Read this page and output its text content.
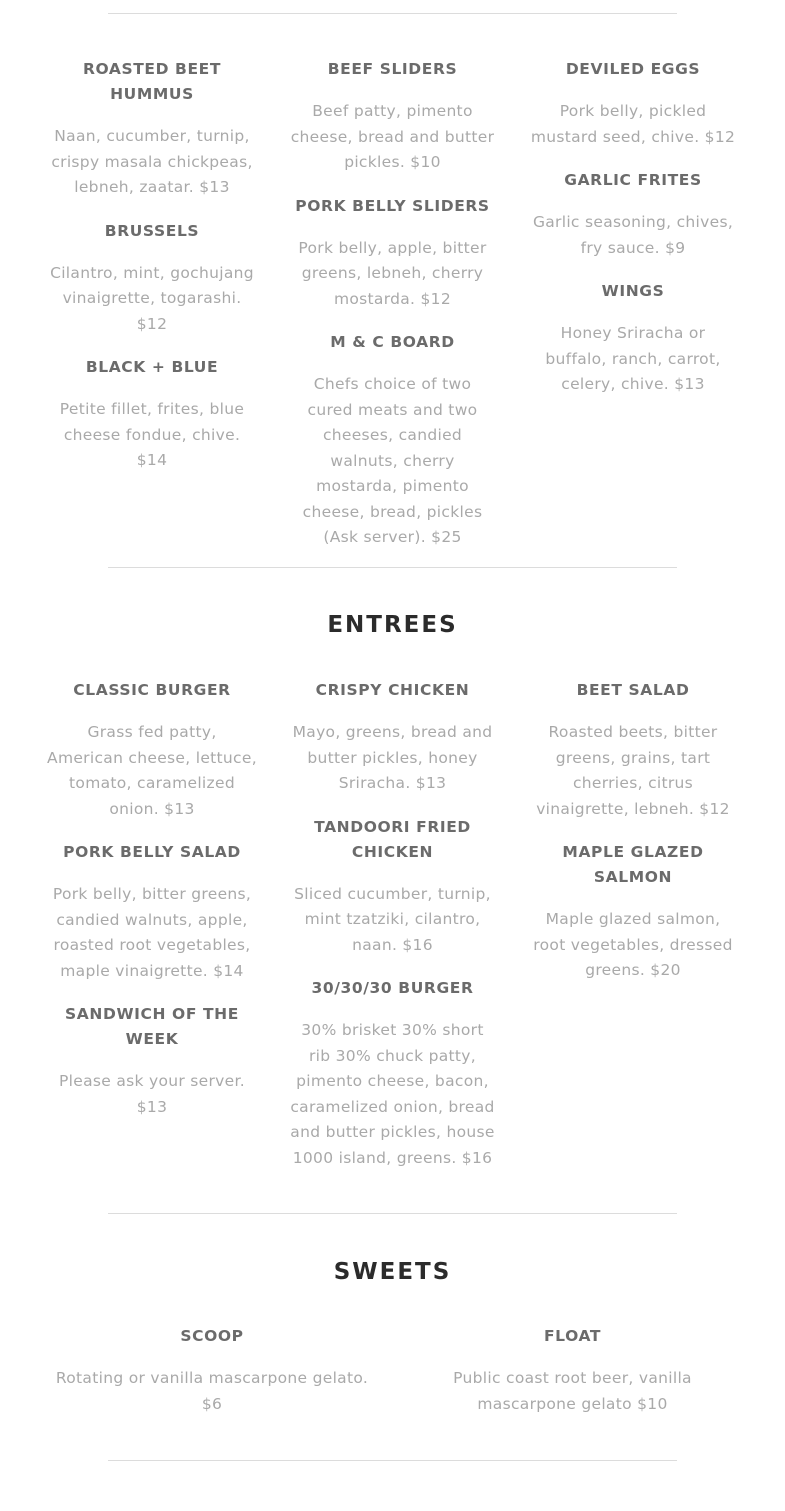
ROASTED BEET HUMMUS

Naan, cucumber, turnip, crispy masala chickpeas, lebneh, zaatar. $13

BRUSSELS

Cilantro, mint, gochujang vinaigrette, togarashi. $12

BLACK + BLUE

Petite fillet, frites, blue cheese fondue, chive. $14

BEEF SLIDERS

Beef patty, pimento cheese, bread and butter pickles. $10

PORK BELLY SLIDERS

Pork belly, apple, bitter greens, lebneh, cherry mostarda. $12

M & C BOARD

Chefs choice of two cured meats and two cheeses, candied walnuts, cherry mostarda, pimento cheese, bread, pickles (Ask server). $25

DEVILED EGGS

Pork belly, pickled mustard seed, chive. $12

GARLIC FRITES

Garlic seasoning, chives, fry sauce. $9

WINGS

Honey Sriracha or buffalo, ranch, carrot, celery, chive. $13

ENTREES

CLASSIC BURGER

Grass fed patty, American cheese, lettuce, tomato, caramelized onion. $13

PORK BELLY SALAD

Pork belly, bitter greens, candied walnuts, apple, roasted root vegetables, maple vinaigrette. $14

SANDWICH OF THE WEEK

Please ask your server. $13

CRISPY CHICKEN

Mayo, greens, bread and butter pickles, honey Sriracha. $13

TANDOORI FRIED CHICKEN

Sliced cucumber, turnip, mint tzatziki, cilantro, naan. $16

30/30/30 BURGER

30% brisket 30% short rib 30% chuck patty, pimento cheese, bacon, caramelized onion, bread and butter pickles, house 1000 island, greens. $16

BEET SALAD

Roasted beets, bitter greens, grains, tart cherries, citrus vinaigrette, lebneh. $12

MAPLE GLAZED SALMON

Maple glazed salmon, root vegetables, dressed greens. $20

SWEETS

SCOOP

Rotating or vanilla mascarpone gelato. $6

FLOAT

Public coast root beer, vanilla mascarpone gelato $10
